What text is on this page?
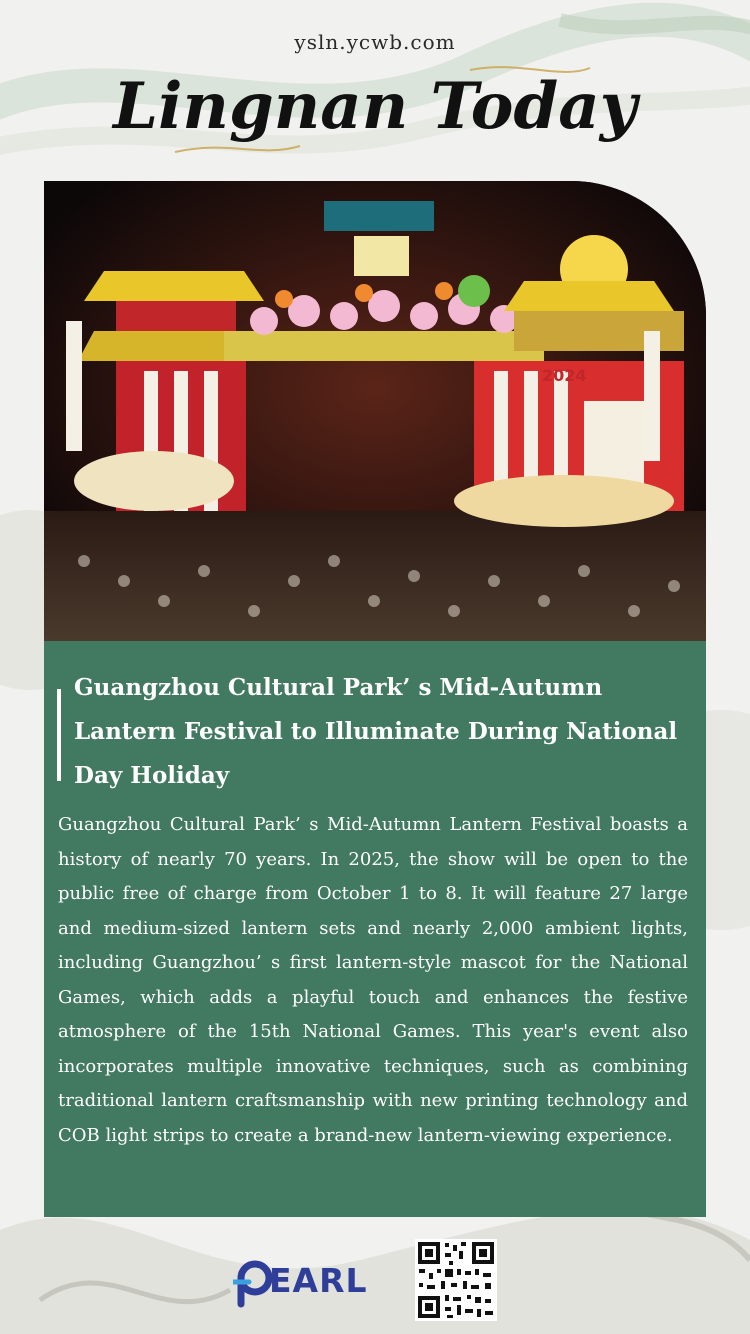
ysln.ycwb.com
Lingnan Today
2024
Guangzhou Cultural Park’ s Mid-Autumn Lantern Festival to Illuminate During National Day Holiday

Guangzhou Cultural Park’ s Mid-Autumn Lantern Festival boasts a history of nearly 70 years. In 2025, the show will be open to the public free of charge from October 1 to 8. It will feature 27 large and medium-sized lantern sets and nearly 2,000 ambient lights, including Guangzhou’ s first lantern-style mascot for the National Games, which adds a playful touch and enhances the festive atmosphere of the 15th National Games. This year's event also incorporates multiple innovative techniques, such as combining traditional lantern craftsmanship with new printing technology and COB light strips to create a brand-new lantern-viewing experience.

EARL
